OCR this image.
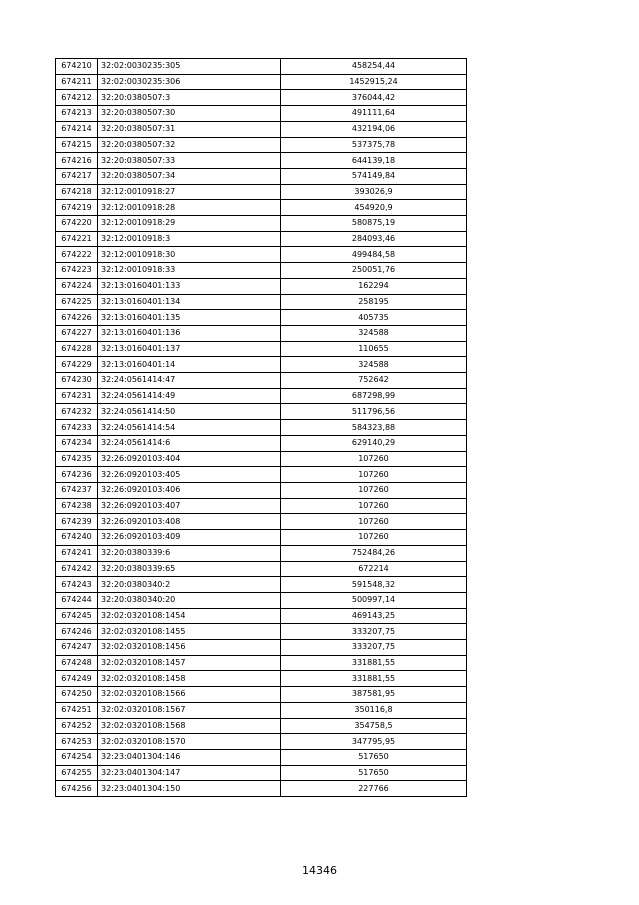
674210	32:02:0030235:305	458254,44
674211	32:02:0030235:306	1452915,24
674212	32:20:0380507:3	376044,42
674213	32:20:0380507:30	491111,64
674214	32:20:0380507:31	432194,06
674215	32:20:0380507:32	537375,78
674216	32:20:0380507:33	644139,18
674217	32:20:0380507:34	574149,84
674218	32:12:0010918:27	393026,9
674219	32:12:0010918:28	454920,9
674220	32:12:0010918:29	580875,19
674221	32:12:0010918:3	284093,46
674222	32:12:0010918:30	499484,58
674223	32:12:0010918:33	250051,76
674224	32:13:0160401:133	162294
674225	32:13:0160401:134	258195
674226	32:13:0160401:135	405735
674227	32:13:0160401:136	324588
674228	32:13:0160401:137	110655
674229	32:13:0160401:14	324588
674230	32:24:0561414:47	752642
674231	32:24:0561414:49	687298,99
674232	32:24:0561414:50	511796,56
674233	32:24:0561414:54	584323,88
674234	32:24:0561414:6	629140,29
674235	32:26:0920103:404	107260
674236	32:26:0920103:405	107260
674237	32:26:0920103:406	107260
674238	32:26:0920103:407	107260
674239	32:26:0920103:408	107260
674240	32:26:0920103:409	107260
674241	32:20:0380339:6	752484,26
674242	32:20:0380339:65	672214
674243	32:20:0380340:2	591548,32
674244	32:20:0380340:20	500997,14
674245	32:02:0320108:1454	469143,25
674246	32:02:0320108:1455	333207,75
674247	32:02:0320108:1456	333207,75
674248	32:02:0320108:1457	331881,55
674249	32:02:0320108:1458	331881,55
674250	32:02:0320108:1566	387581,95
674251	32:02:0320108:1567	350116,8
674252	32:02:0320108:1568	354758,5
674253	32:02:0320108:1570	347795,95
674254	32:23:0401304:146	517650
674255	32:23:0401304:147	517650
674256	32:23:0401304:150	227766
14346
